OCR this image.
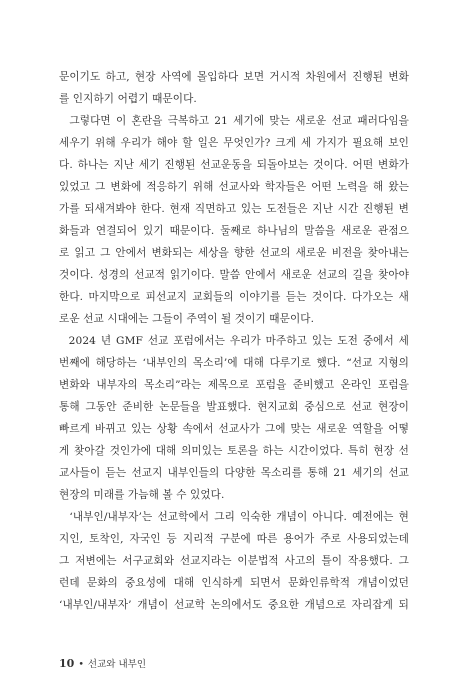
문이기도 하고, 현장 사역에 몰입하다 보면 거시적 차원에서 진행된 변화
를 인지하기 어렵기 때문이다.
그렇다면 이 혼란을 극복하고 21 세기에 맞는 새로운 선교 패러다임을
세우기 위해 우리가 해야 할 일은 무엇인가? 크게 세 가지가 필요해 보인
다. 하나는 지난 세기 진행된 선교운동을 되돌아보는 것이다. 어떤 변화가
있었고 그 변화에 적응하기 위해 선교사와 학자들은 어떤 노력을 해 왔는
가를 되새겨봐야 한다. 현재 직면하고 있는 도전들은 지난 시간 진행된 변
화들과 연결되어 있기 때문이다. 둘째로 하나님의 말씀을 새로운 관점으
로 읽고 그 안에서 변화되는 세상을 향한 선교의 새로운 비전을 찾아내는
것이다. 성경의 선교적 읽기이다. 말씀 안에서 새로운 선교의 길을 찾아야
한다. 마지막으로 피선교지 교회들의 이야기를 듣는 것이다. 다가오는 새
로운 선교 시대에는 그들이 주역이 될 것이기 때문이다.
2024 년 GMF 선교 포럼에서는 우리가 마주하고 있는 도전 중에서 세
번째에 해당하는 ‘내부인의 목소리’에 대해 다루기로 했다. “선교 지형의
변화와 내부자의 목소리”라는 제목으로 포럼을 준비했고 온라인 포럼을
통해 그동안 준비한 논문들을 발표했다. 현지교회 중심으로 선교 현장이
빠르게 바뀌고 있는 상황 속에서 선교사가 그에 맞는 새로운 역할을 어떻
게 찾아갈 것인가에 대해 의미있는 토론을 하는 시간이었다. 특히 현장 선
교사들이 듣는 선교지 내부인들의 다양한 목소리를 통해 21 세기의 선교
현장의 미래를 가늠해 볼 수 있었다.
‘내부인/내부자’는 선교학에서 그리 익숙한 개념이 아니다. 예전에는 현
지인, 토착인, 자국인 등 지리적 구분에 따른 용어가 주로 사용되었는데
그 저변에는 서구교회와 선교지라는 이분법적 사고의 틀이 작용했다. 그
런데 문화의 중요성에 대해 인식하게 되면서 문화인류학적 개념이었던
‘내부인/내부자’ 개념이 선교학 논의에서도 중요한 개념으로 자리잡게 되
10 • 선교와 내부인
